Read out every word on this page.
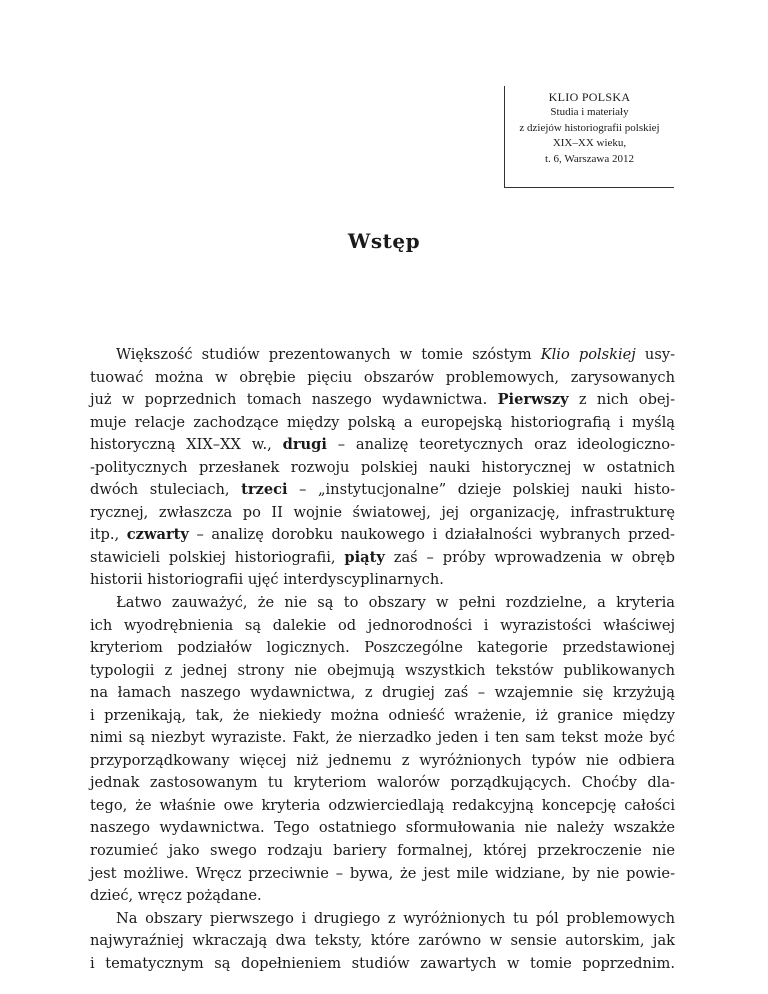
KLIO POLSKA
Studia i materiały
z dziejów historiografii polskiej
XIX–XX wieku,
t. 6, Warszawa 2012
Wstęp
Większość studiów prezentowanych w tomie szóstym Klio polskiej usy-
tuować można w obrębie pięciu obszarów problemowych, zarysowanych
już w poprzednich tomach naszego wydawnictwa. Pierwszy z nich obej-
muje relacje zachodzące między polską a europejską historiografią i myślą
historyczną XIX–XX w., drugi – analizę teoretycznych oraz ideologiczno-
-politycznych przesłanek rozwoju polskiej nauki historycznej w ostatnich
dwóch stuleciach, trzeci – „instytucjonalne” dzieje polskiej nauki histo-
rycznej, zwłaszcza po II wojnie światowej, jej organizację, infrastrukturę
itp., czwarty – analizę dorobku naukowego i działalności wybranych przed-
stawicieli polskiej historiografii, piąty zaś – próby wprowadzenia w obręb
historii historiografii ujęć interdyscyplinarnych.
Łatwo zauważyć, że nie są to obszary w pełni rozdzielne, a kryteria
ich wyodrębnienia są dalekie od jednorodności i wyrazistości właściwej
kryteriom podziałów logicznych. Poszczególne kategorie przedstawionej
typologii z jednej strony nie obejmują wszystkich tekstów publikowanych
na łamach naszego wydawnictwa, z drugiej zaś – wzajemnie się krzyżują
i przenikają, tak, że niekiedy można odnieść wrażenie, iż granice między
nimi są niezbyt wyraziste. Fakt, że nierzadko jeden i ten sam tekst może być
przyporządkowany więcej niż jednemu z wyróżnionych typów nie odbiera
jednak zastosowanym tu kryteriom walorów porządkujących. Choćby dla-
tego, że właśnie owe kryteria odzwierciedlają redakcyjną koncepcję całości
naszego wydawnictwa. Tego ostatniego sformułowania nie należy wszakże
rozumieć jako swego rodzaju bariery formalnej, której przekroczenie nie
jest możliwe. Wręcz przeciwnie – bywa, że jest mile widziane, by nie powie-
dzieć, wręcz pożądane.
Na obszary pierwszego i drugiego z wyróżnionych tu pól problemowych
najwyraźniej wkraczają dwa teksty, które zarówno w sensie autorskim, jak
i tematycznym są dopełnieniem studiów zawartych w tomie poprzednim.
